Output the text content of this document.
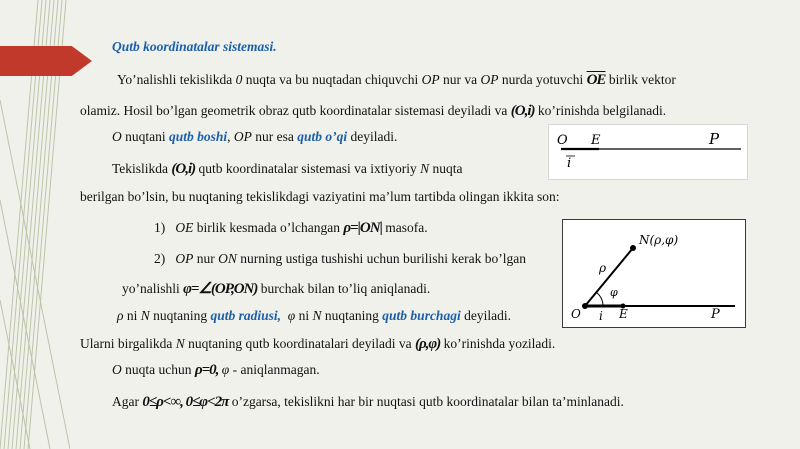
Qutb koordinatalar sistemasi.
Yo’nalishli tekislikda 0 nuqta va bu nuqtadan chiquvchi OP nur va OP nurda yotuvchi $\overline{OE}$ birlik vektor
olamiz. Hosil bo’lgan geometrik obraz qutb koordinatalar sistemasi deyiladi va (O,i) ko’rinishda belgilanadi.
O nuqtani qutb boshi, OP nur esa qutb o’qi deyiladi.
Tekislikda (O,i) qutb koordinatalar sistemasi va ixtiyoriy N nuqta
berilgan bo’lsin, bu nuqtaning tekislikdagi vaziyatini ma’lum tartibda olingan ikkita son:
1) OE birlik kesmada o’lchangan ρ=|ON| masofa.
2) OP nur ON nurning ustiga tushishi uchun burilishi kerak bo’lgan
yo’nalishli φ=∠(OP,ON) burchak bilan to’liq aniqlanadi.
ρ ni N nuqtaning qutb radiusi, φ ni N nuqtaning qutb burchagi deyiladi.
Ularni birgalikda N nuqtaning qutb koordinatalari deyiladi va (ρ,φ) ko’rinishda yoziladi.
O nuqta uchun ρ=0, φ - aniqlanmagan.
Agar 0≤ρ<∞, 0≤φ<2π o’zgarsa, tekislikni har bir nuqtasi qutb koordinatalar bilan ta’minlanadi.
O E	P
i
N(ρ,φ)
ρ
φ
O i E	P
